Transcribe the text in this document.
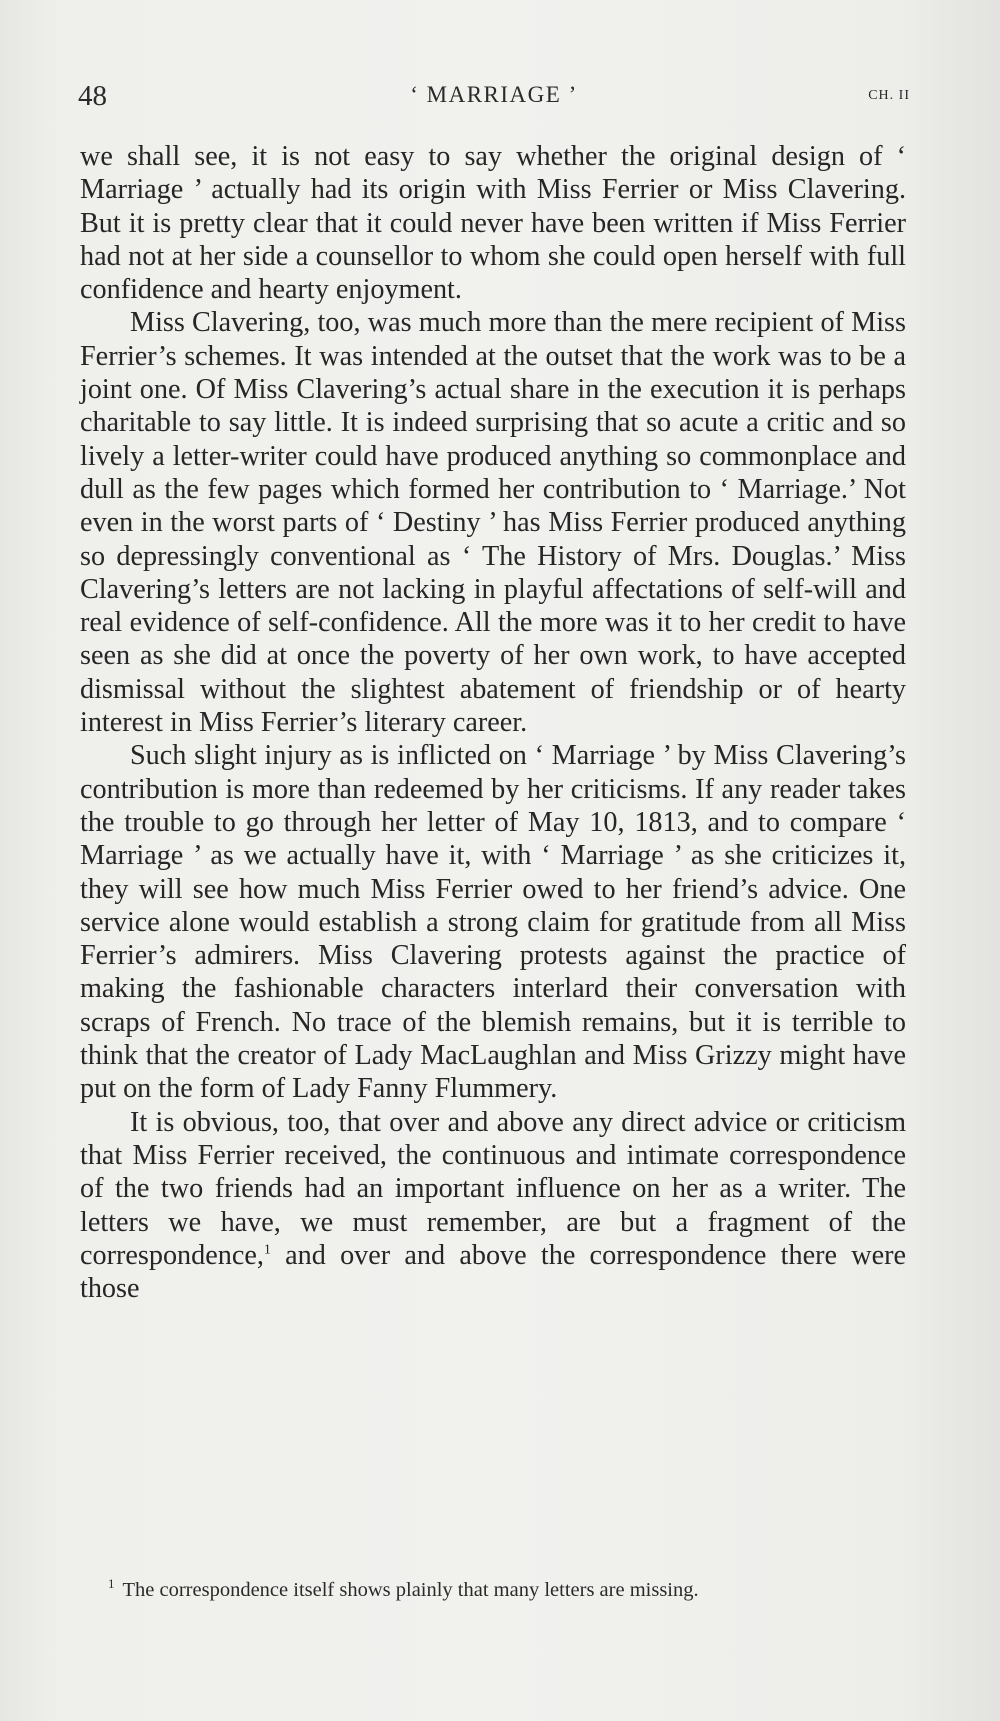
48	‘ MARRIAGE ’	CH. II

we shall see, it is not easy to say whether the original design of ‘ Marriage ’ actually had its origin with Miss Ferrier or Miss Clavering. But it is pretty clear that it could never have been written if Miss Ferrier had not at her side a counsellor to whom she could open herself with full confidence and hearty enjoyment.

Miss Clavering, too, was much more than the mere recipient of Miss Ferrier’s schemes. It was intended at the outset that the work was to be a joint one. Of Miss Clavering’s actual share in the execution it is perhaps charitable to say little. It is indeed surprising that so acute a critic and so lively a letter-writer could have produced anything so commonplace and dull as the few pages which formed her contribution to ‘ Marriage.’ Not even in the worst parts of ‘ Destiny ’ has Miss Ferrier produced anything so depressingly conventional as ‘ The History of Mrs. Douglas.’ Miss Clavering’s letters are not lacking in playful affectations of self-will and real evidence of self-confidence. All the more was it to her credit to have seen as she did at once the poverty of her own work, to have accepted dismissal without the slightest abatement of friendship or of hearty interest in Miss Ferrier’s literary career.

Such slight injury as is inflicted on ‘ Marriage ’ by Miss Clavering’s contribution is more than redeemed by her criticisms. If any reader takes the trouble to go through her letter of May 10, 1813, and to compare ‘ Marriage ’ as we actually have it, with ‘ Marriage ’ as she criticizes it, they will see how much Miss Ferrier owed to her friend’s advice. One service alone would establish a strong claim for gratitude from all Miss Ferrier’s admirers. Miss Clavering protests against the practice of making the fashionable characters interlard their conversation with scraps of French. No trace of the blemish remains, but it is terrible to think that the creator of Lady MacLaughlan and Miss Grizzy might have put on the form of Lady Fanny Flummery.

It is obvious, too, that over and above any direct advice or criticism that Miss Ferrier received, the continuous and intimate correspondence of the two friends had an important influence on her as a writer. The letters we have, we must remember, are but a fragment of the correspondence,$^1$ and over and above the correspondence there were those

$^1$ The correspondence itself shows plainly that many letters are missing.
